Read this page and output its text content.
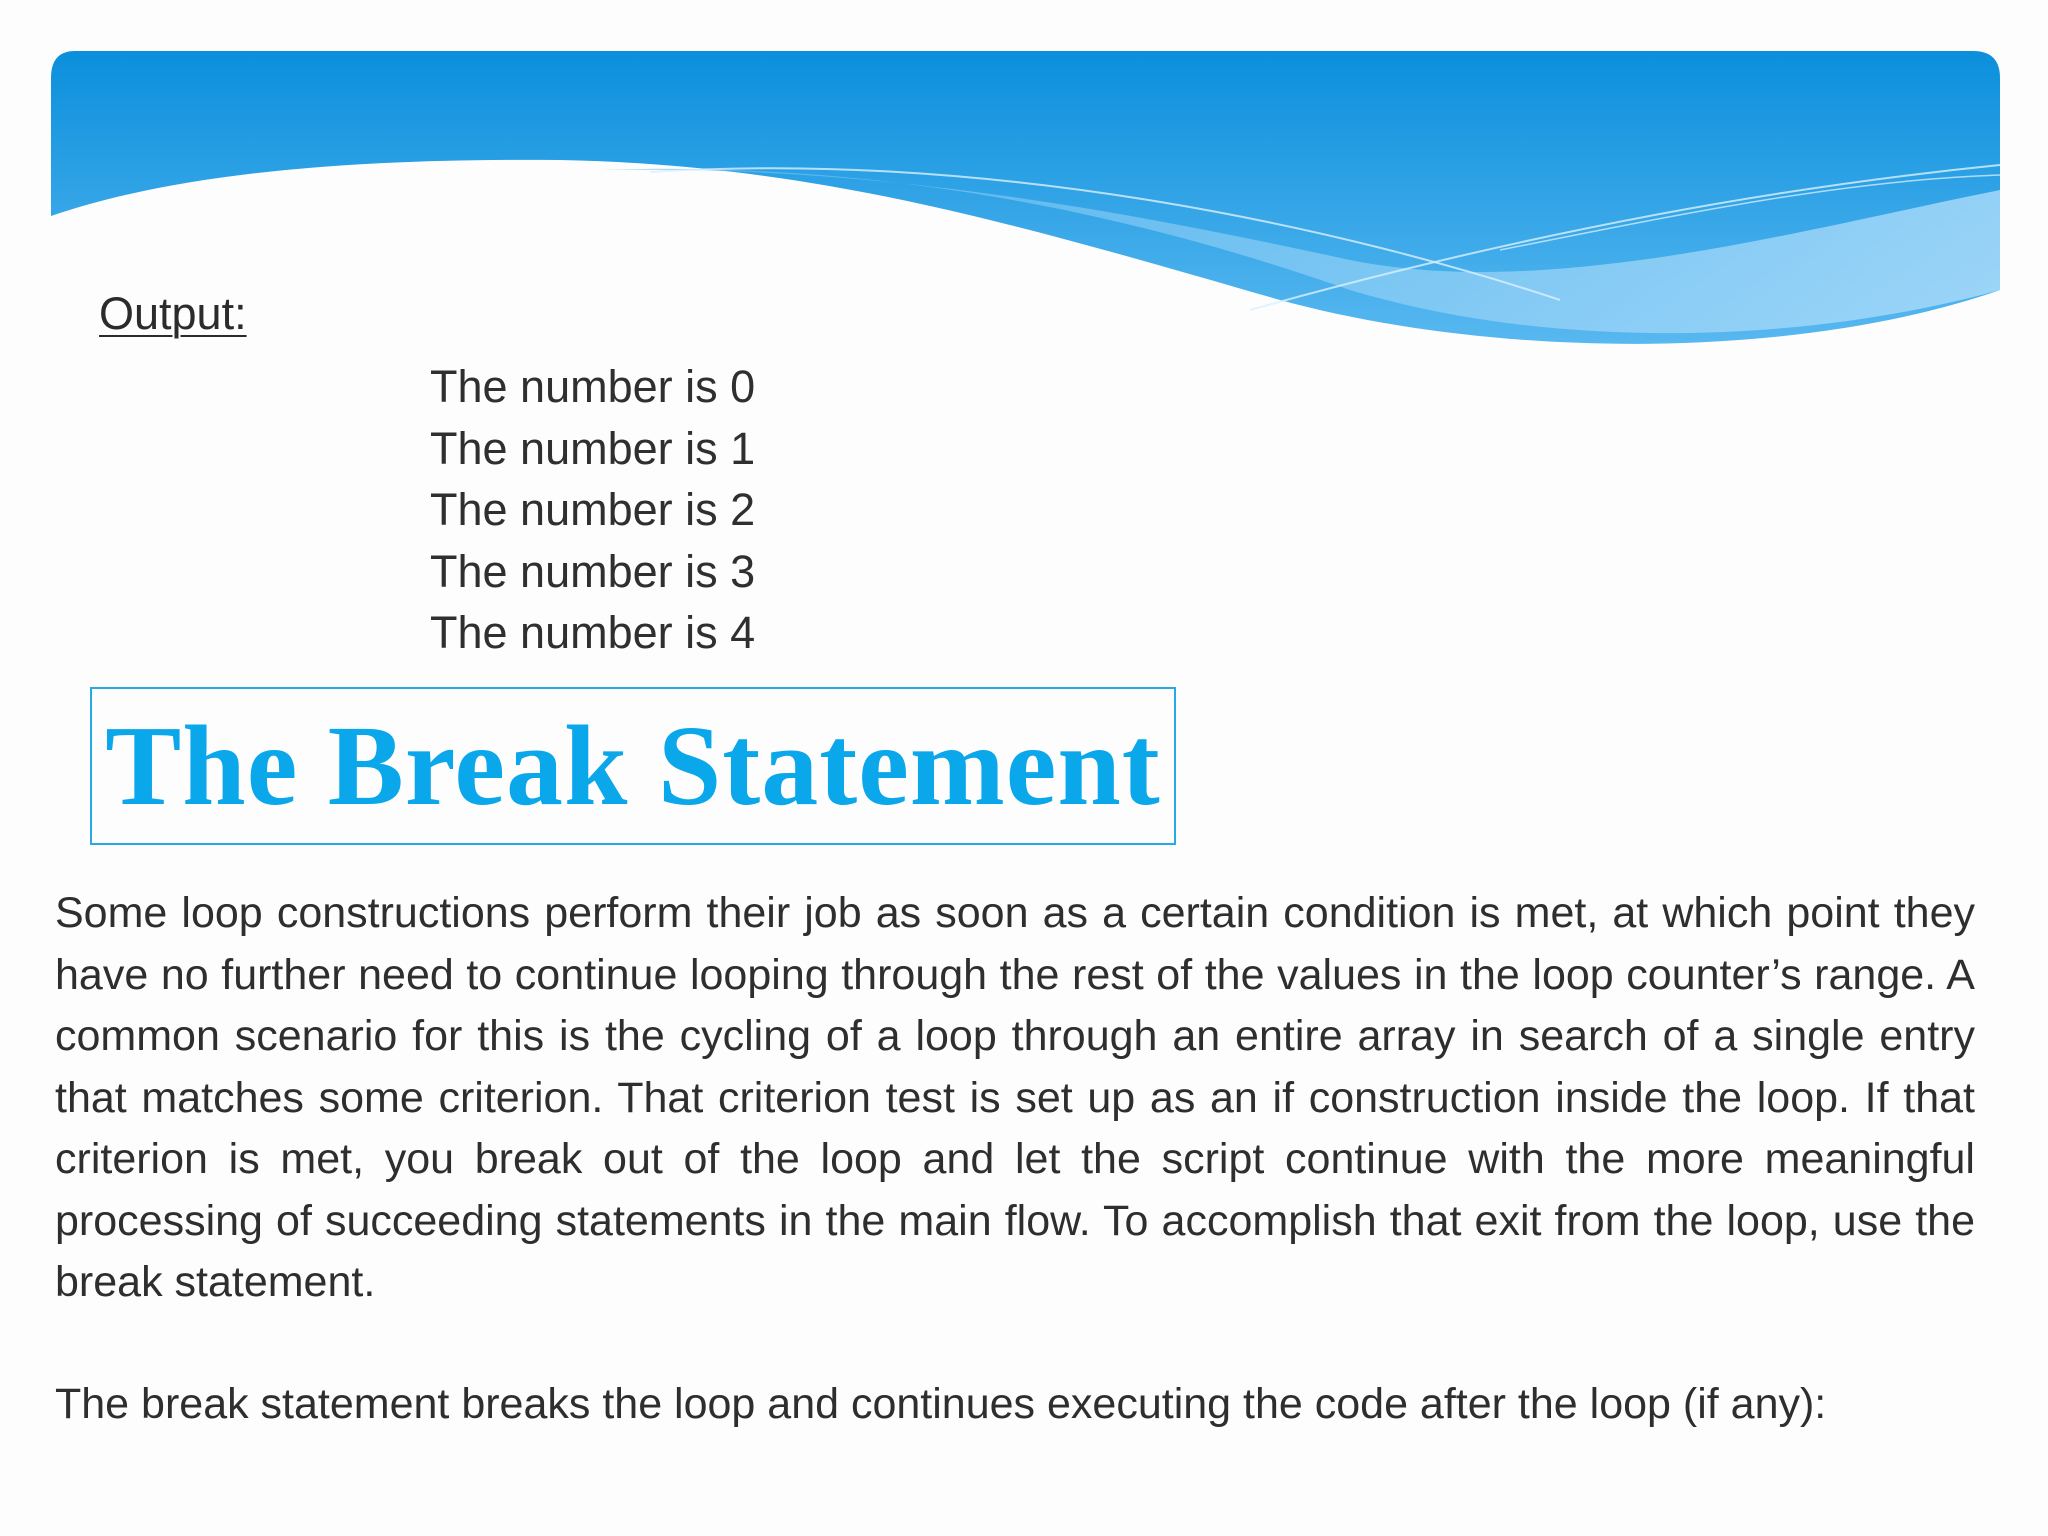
Output:
The number is 0
The number is 1
The number is 2
The number is 3
The number is 4
The Break Statement

Some loop constructions perform their job as soon as a certain condition is met, at which point they have no further need to continue looping through the rest of the values in the loop counter’s range. A common scenario for this is the cycling of a loop through an entire array in search of a single entry that matches some criterion. That criterion test is set up as an if construction inside the loop. If that criterion is met, you break out of the loop and let the script continue with the more meaningful processing of succeeding statements in the main flow. To accomplish that exit from the loop, use the break statement.

The break statement breaks the loop and continues executing the code after the loop (if any):
